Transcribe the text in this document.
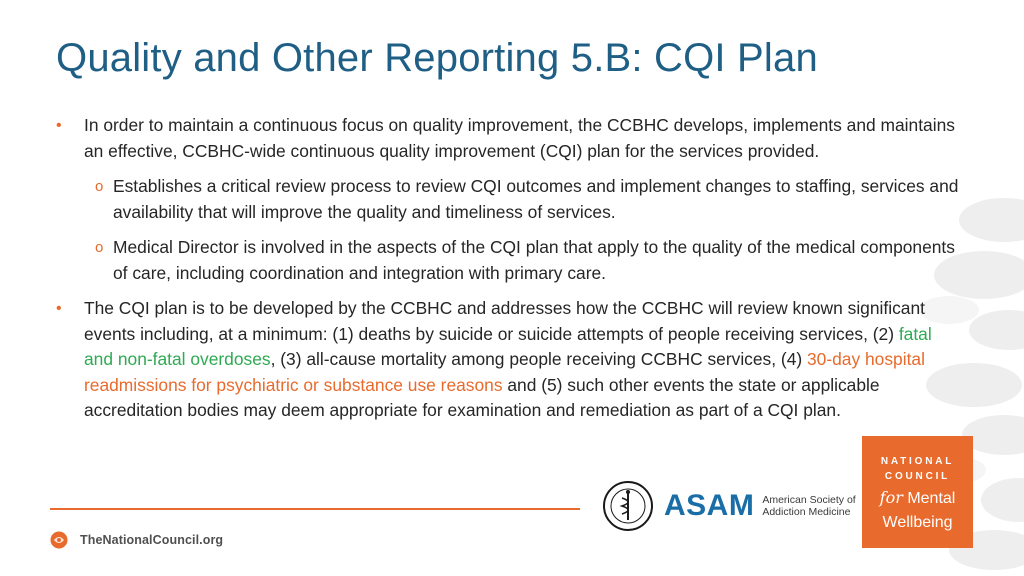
Quality and Other Reporting 5.B: CQI Plan
• In order to maintain a continuous focus on quality improvement, the CCBHC develops, implements and maintains an effective, CCBHC-wide continuous quality improvement (CQI) plan for the services provided.
o Establishes a critical review process to review CQI outcomes and implement changes to staffing, services and availability that will improve the quality and timeliness of services.
o Medical Director is involved in the aspects of the CQI plan that apply to the quality of the medical components of care, including coordination and integration with primary care.
• The CQI plan is to be developed by the CCBHC and addresses how the CCBHC will review known significant events including, at a minimum: (1) deaths by suicide or suicide attempts of people receiving services, (2) fatal and non-fatal overdoses, (3) all-cause mortality among people receiving CCBHC services, (4) 30-day hospital readmissions for psychiatric or substance use reasons and (5) such other events the state or applicable accreditation bodies may deem appropriate for examination and remediation as part of a CQI plan.
TheNationalCouncil.org
ASAM American Society of
Addiction Medicine
NATIONAL
COUNCIL
for Mental
Wellbeing
